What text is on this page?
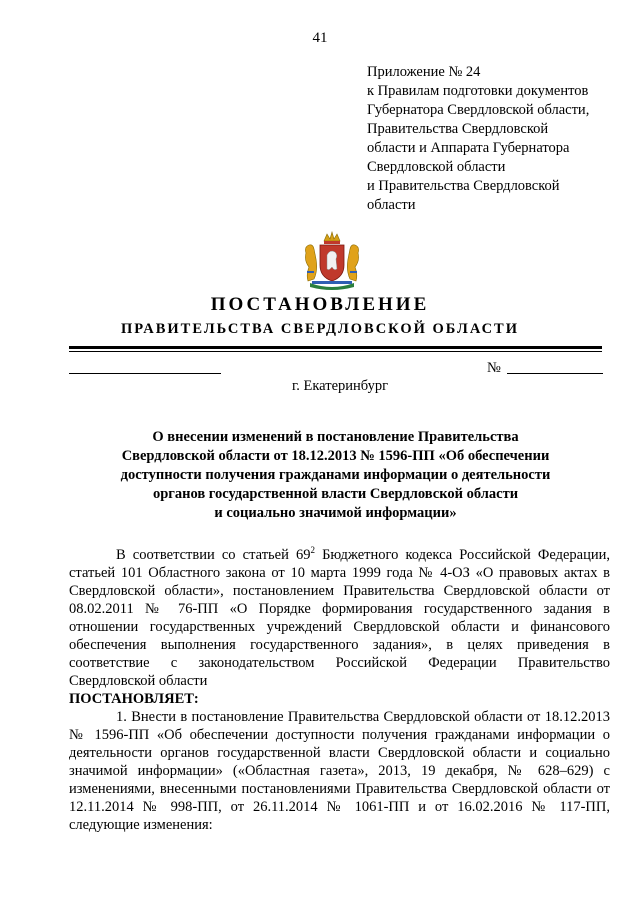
41
Приложение № 24
к Правилам подготовки документов
Губернатора Свердловской области,
Правительства Свердловской
области и Аппарата Губернатора
Свердловской области
и Правительства Свердловской
области
ПОСТАНОВЛЕНИЕ
ПРАВИТЕЛЬСТВА СВЕРДЛОВСКОЙ ОБЛАСТИ
№
г. Екатеринбург
О внесении изменений в постановление Правительства
Свердловской области от 18.12.2013 № 1596-ПП «Об обеспечении
доступности получения гражданами информации о деятельности
органов государственной власти Свердловской области
и социально значимой информации»

В соответствии со статьей $69^2$ Бюджетного кодекса Российской Федерации, статьей 101 Областного закона от 10 марта 1999 года № 4-ОЗ «О правовых актах в Свердловской области», постановлением Правительства Свердловской области от 08.02.2011 № 76-ПП «О Порядке формирования государственного задания в отношении государственных учреждений Свердловской области и финансового обеспечения выполнения государственного задания», в целях приведения в соответствие с законодательством Российской Федерации Правительство Свердловской области

ПОСТАНОВЛЯЕТ:

1. Внести в постановление Правительства Свердловской области от 18.12.2013 № 1596-ПП «Об обеспечении доступности получения гражданами информации о деятельности органов государственной власти Свердловской области и социально значимой информации» («Областная газета», 2013, 19 декабря, № 628–629) с изменениями, внесенными постановлениями Правительства Свердловской области от 12.11.2014 № 998-ПП, от 26.11.2014 № 1061-ПП и от 16.02.2016 № 117-ПП, следующие изменения:
